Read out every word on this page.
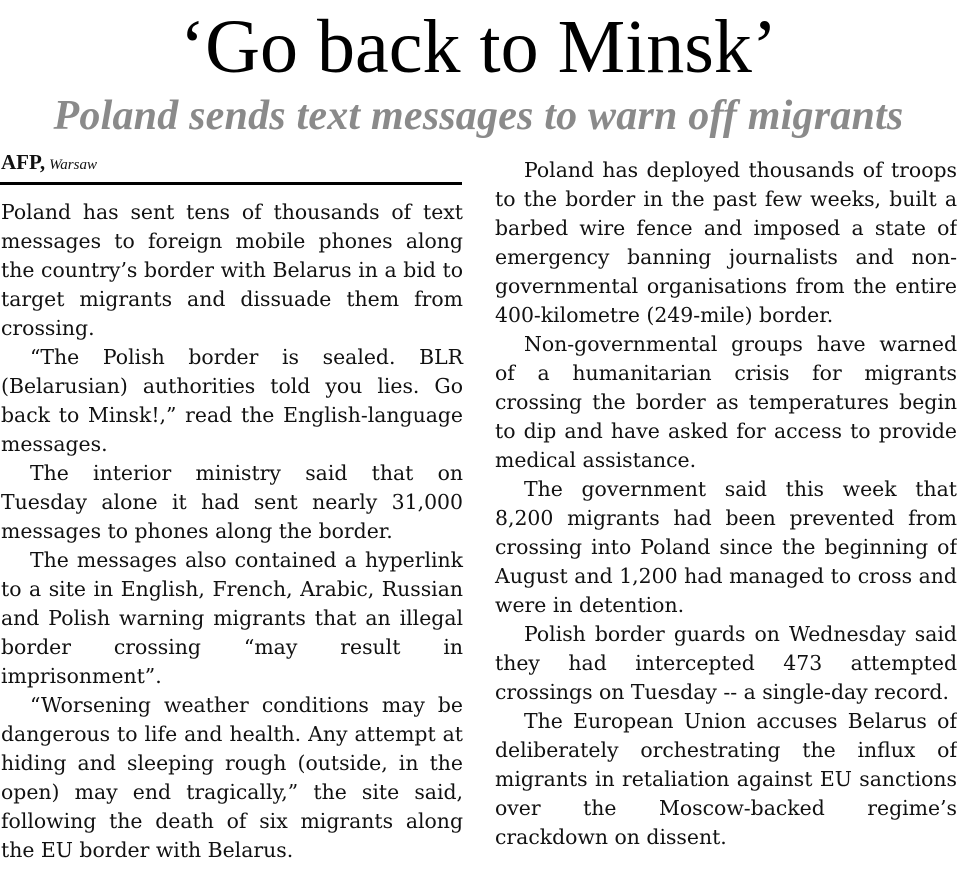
‘Go back to Minsk’
Poland sends text messages to warn off migrants
AFP, Warsaw

Poland has sent tens of thousands of text messages to foreign mobile phones along the country’s border with Belarus in a bid to target migrants and dissuade them from crossing.

“The Polish border is sealed. BLR (Belarusian) authorities told you lies. Go back to Minsk!,” read the English-language messages.

The interior ministry said that on Tuesday alone it had sent nearly 31,000 messages to phones along the border.

The messages also contained a hyperlink to a site in English, French, Arabic, Russian and Polish warning migrants that an illegal border crossing “may result in imprisonment”.

“Worsening weather conditions may be dangerous to life and health. Any attempt at hiding and sleeping rough (outside, in the open) may end tragically,” the site said, following the death of six migrants along the EU border with Belarus.

Poland has deployed thousands of troops to the border in the past few weeks, built a barbed wire fence and imposed a state of emergency banning journalists and non-governmental organisations from the entire 400-kilometre (249-mile) border.

Non-governmental groups have warned of a humanitarian crisis for migrants crossing the border as temperatures begin to dip and have asked for access to provide medical assistance.

The government said this week that 8,200 migrants had been prevented from crossing into Poland since the beginning of August and 1,200 had managed to cross and were in detention.

Polish border guards on Wednesday said they had intercepted 473 attempted crossings on Tuesday -- a single-day record.

The European Union accuses Belarus of deliberately orchestrating the influx of migrants in retaliation against EU sanctions over the Moscow-backed regime’s crackdown on dissent.
